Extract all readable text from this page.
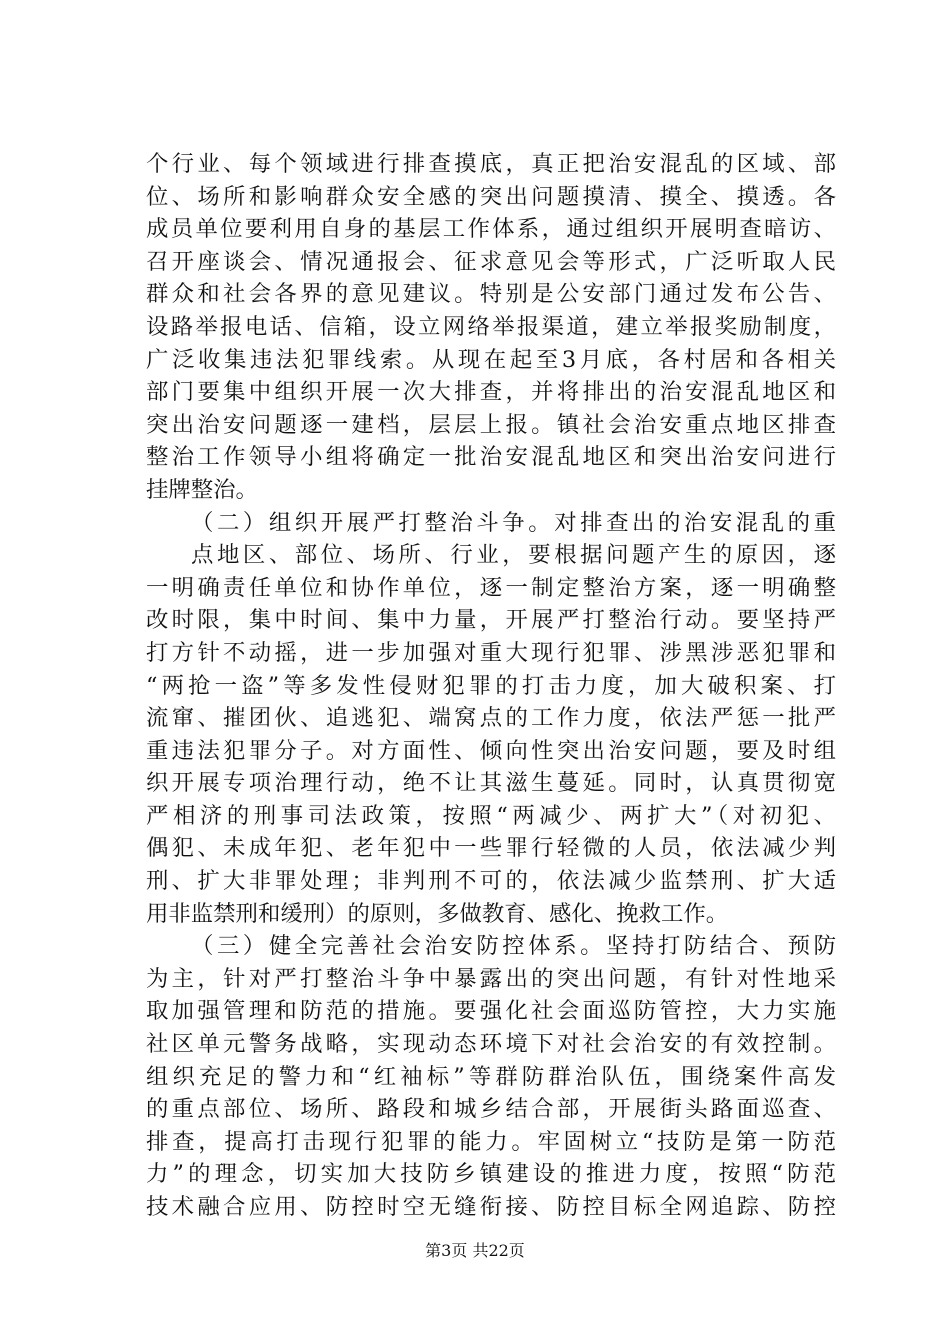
个行业、每个领域进行排查摸底，真正把治安混乱的区域、部
位、场所和影响群众安全感的突出问题摸清、摸全、摸透。各
成员单位要利用自身的基层工作体系，通过组织开展明查暗访、
召开座谈会、情况通报会、征求意见会等形式，广泛听取人民
群众和社会各界的意见建议。特别是公安部门通过发布公告、
设路举报电话、信箱，设立网络举报渠道，建立举报奖励制度，
广泛收集违法犯罪线索。从现在起至3月底，各村居和各相关
部门要集中组织开展一次大排查，并将排出的治安混乱地区和
突出治安问题逐一建档，层层上报。镇社会治安重点地区排查
整治工作领导小组将确定一批治安混乱地区和突出治安问进行
挂牌整治。
（二）组织开展严打整治斗争。对排查出的治安混乱的重
点地区、部位、场所、行业，要根据问题产生的原因，逐
一明确责任单位和协作单位，逐一制定整治方案，逐一明确整
改时限，集中时间、集中力量，开展严打整治行动。要坚持严
打方针不动摇，进一步加强对重大现行犯罪、涉黑涉恶犯罪和
“两抢一盗”等多发性侵财犯罪的打击力度，加大破积案、打
流窜、摧团伙、追逃犯、端窝点的工作力度，依法严惩一批严
重违法犯罪分子。对方面性、倾向性突出治安问题，要及时组
织开展专项治理行动，绝不让其滋生蔓延。同时，认真贯彻宽
严相济的刑事司法政策，按照“两减少、两扩大”（对初犯、
偶犯、未成年犯、老年犯中一些罪行轻微的人员，依法减少判
刑、扩大非罪处理；非判刑不可的，依法减少监禁刑、扩大适
用非监禁刑和缓刑）的原则，多做教育、感化、挽救工作。
（三）健全完善社会治安防控体系。坚持打防结合、预防
为主，针对严打整治斗争中暴露出的突出问题，有针对性地采
取加强管理和防范的措施。要强化社会面巡防管控，大力实施
社区单元警务战略，实现动态环境下对社会治安的有效控制。
组织充足的警力和“红袖标”等群防群治队伍，围绕案件高发
的重点部位、场所、路段和城乡结合部，开展街头路面巡查、
排查，提高打击现行犯罪的能力。牢固树立“技防是第一防范
力”的理念，切实加大技防乡镇建设的推进力度，按照“防范
技术融合应用、防控时空无缝衔接、防控目标全网追踪、防控
第3页 共22页
